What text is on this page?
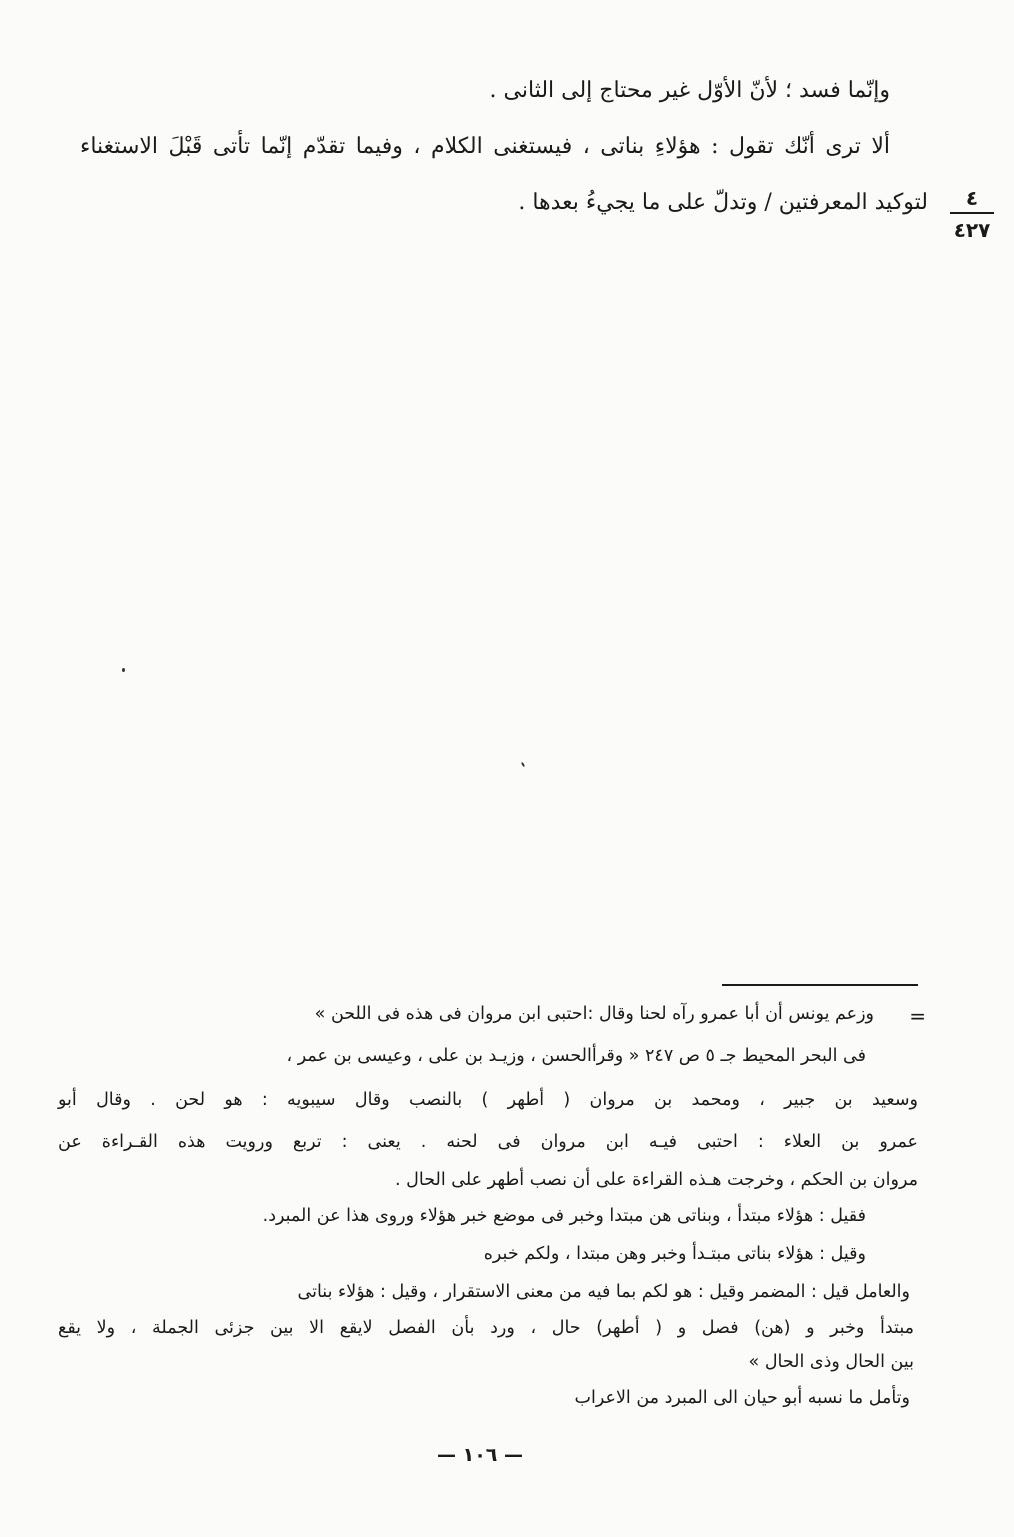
وإنّما فسد ؛ لأنّ الأوّل غير محتاج إلى الثانى .
ألا ترى أنّك تقول : هؤلاءِ بناتى ، فيستغنى الكلام ، وفيما تقدّم إنّما تأتى قَبْلَ الاستغناء
لتوكيد المعرفتين / وتدلّ على ما يجيءُ بعدها .	٤
٤٢٧
=
وزعم يونس أن أبا عمرو رآه لحنا وقال :احتبى ابن مروان فى هذه فى اللحن »
فى البحر المحيط جـ ٥ ص ٢٤٧ « وقرأالحسن ، وزيـد بن على ، وعيسى بن عمر ،
وسعيد بن جبير ، ومحمد بن مروان ( أطهر ) بالنصب وقال سيبويه : هو لحن . وقال أبو
عمرو بن العلاء : احتبى فيـه ابن مروان فى لحنه . يعنى : تربع ورويت هذه القـراءة عن
مروان بن الحكم ، وخرجت هـذه القراءة على أن نصب أطهر على الحال .
فقيل : هؤلاء مبتدأ ، وبناتى هن مبتدا وخبر فى موضع خبر هؤلاء وروى هذا عن المبرد.
وقيل : هؤلاء بناتى مبتـدأ وخبر وهن مبتدا ، ولكم خبره
والعامل قيل : المضمر وقيل : هو لكم بما فيه من معنى الاستقرار ، وقيل : هؤلاء بناتى
مبتدأ وخبر و (هن) فصل و ( أطهر) حال ، ورد بأن الفصل لايقع الا بين جزئى الجملة ، ولا يقع
بين الحال وذى الحال »
وتأمل ما نسبه أبو حيان الى المبرد من الاعراب
— ١٠٦ —
